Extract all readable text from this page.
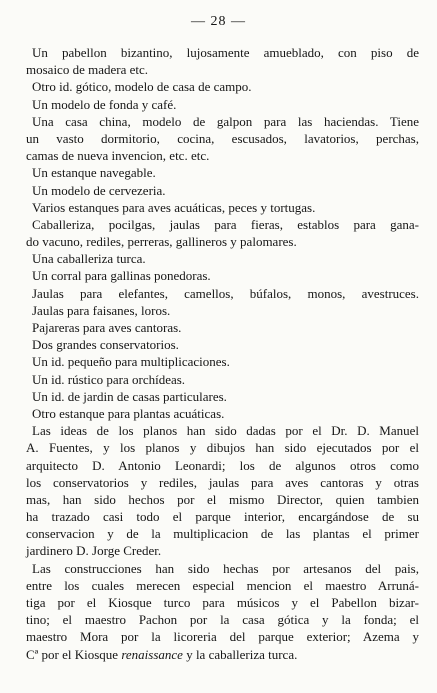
— 28 —
Un pabellon bizantino, lujosamente amueblado, con piso de
mosaico de madera etc.
Otro id. gótico, modelo de casa de campo.
Un modelo de fonda y café.
Una casa china, modelo de galpon para las haciendas. Tiene
un vasto dormitorio, cocina, escusados, lavatorios, perchas,
camas de nueva invencion, etc. etc.
Un estanque navegable.
Un modelo de cervezeria.
Varios estanques para aves acuáticas, peces y tortugas.
Caballeriza, pocilgas, jaulas para fieras, establos para gana-
do vacuno, rediles, perreras, gallineros y palomares.
Una caballeriza turca.
Un corral para gallinas ponedoras.
Jaulas para elefantes, camellos, búfalos, monos, avestruces.
Jaulas para faisanes, loros.
Pajareras para aves cantoras.
Dos grandes conservatorios.
Un id. pequeño para multiplicaciones.
Un id. rústico para orchídeas.
Un id. de jardin de casas particulares.
Otro estanque para plantas acuáticas.
Las ideas de los planos han sido dadas por el Dr. D. Manuel
A. Fuentes, y los planos y dibujos han sido ejecutados por el
arquitecto D. Antonio Leonardi; los de algunos otros como
los conservatorios y rediles, jaulas para aves cantoras y otras
mas, han sido hechos por el mismo Director, quien tambien
ha trazado casi todo el parque interior, encargándose de su
conservacion y de la multiplicacion de las plantas el primer
jardinero D. Jorge Creder.
Las construcciones han sido hechas por artesanos del pais,
entre los cuales merecen especial mencion el maestro Arruná-
tiga por el Kiosque turco para músicos y el Pabellon bizar-
tino; el maestro Pachon por la casa gótica y la fonda; el
maestro Mora por la licoreria del parque exterior; Azema y
Cª por el Kiosque renaissance y la caballeriza turca.
